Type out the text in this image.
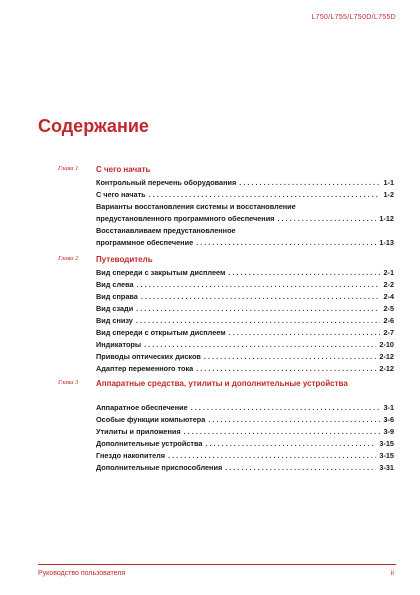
L750/L755/L750D/L755D
Содержание
Глава 1 С чего начать
Контрольный перечень оборудования . . .	1-1
С чего начать . . .	1-2
Варианты восстановления системы и восстановление
предустановленного программного обеспечения . . .	1-12
Восстанавливаем предустановленное
программное обеспечение . . .	1-13
Глава 2 Путеводитель
Вид спереди с закрытым дисплеем . . .	2-1
Вид слева . . .	2-2
Вид справа . . .	2-4
Вид сзади . . .	2-5
Вид снизу . . .	2-6
Вид спереди с открытым дисплеем . . .	2-7
Индикаторы . . .	2-10
Приводы оптических дисков . . .	2-12
Адаптер переменного тока . . .	2-12
Глава 3 Аппаратные средства, утилиты и дополнительные устройства
Аппаратное обеспечение . . .	3-1
Особые функции компьютера . . .	3-6
Утилиты и приложения . . .	3-9
Дополнительные устройства . . .	3-15
Гнездо накопителя . . .	3-15
Дополнительные приспособления . . .	3-31
Руководство пользователя	ii
